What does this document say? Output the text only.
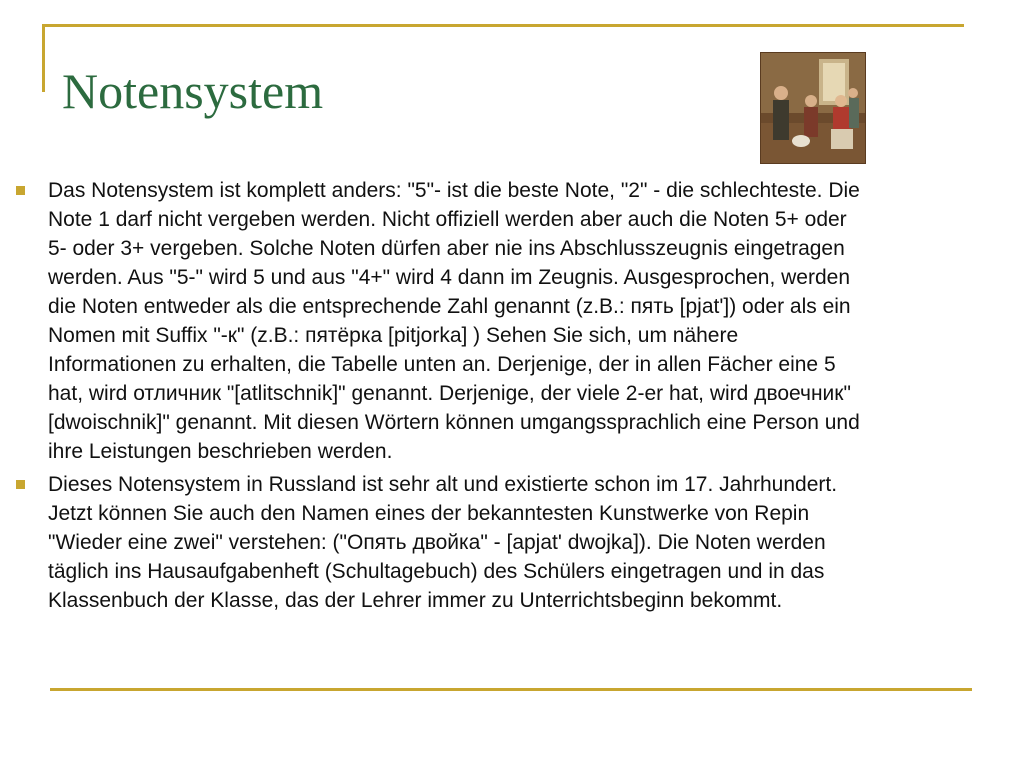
Notensystem
Das Notensystem ist komplett anders: "5"- ist die beste Note, "2" - die schlechteste. Die Note 1 darf nicht vergeben werden. Nicht offiziell werden aber auch die Noten 5+ oder 5- oder 3+ vergeben. Solche Noten dürfen aber nie ins Abschlusszeugnis eingetragen werden. Aus "5-" wird 5 und aus "4+" wird 4 dann im Zeugnis. Ausgesprochen, werden die Noten entweder als die entsprechende Zahl genannt (z.B.: пять [pjat']) oder als ein Nomen mit Suffix "-к" (z.B.: пятёрка [pitjorka] ) Sehen Sie sich, um nähere Informationen zu erhalten, die Tabelle unten an. Derjenige, der in allen Fächer eine 5 hat, wird отличник "[atlitschnik]" genannt. Derjenige, der viele 2-er hat, wird двоечник" [dwoischnik]" genannt. Mit diesen Wörtern können umgangssprachlich eine Person und ihre Leistungen beschrieben werden.
Dieses Notensystem in Russland ist sehr alt und existierte schon im 17. Jahrhundert. Jetzt können Sie auch den Namen eines der bekanntesten Kunstwerke von Repin "Wieder eine zwei" verstehen: ("Опять двойка" - [apjat' dwojka]). Die Noten werden täglich ins Hausaufgabenheft (Schultagebuch) des Schülers eingetragen und in das Klassenbuch der Klasse, das der Lehrer immer zu Unterrichtsbeginn bekommt.
